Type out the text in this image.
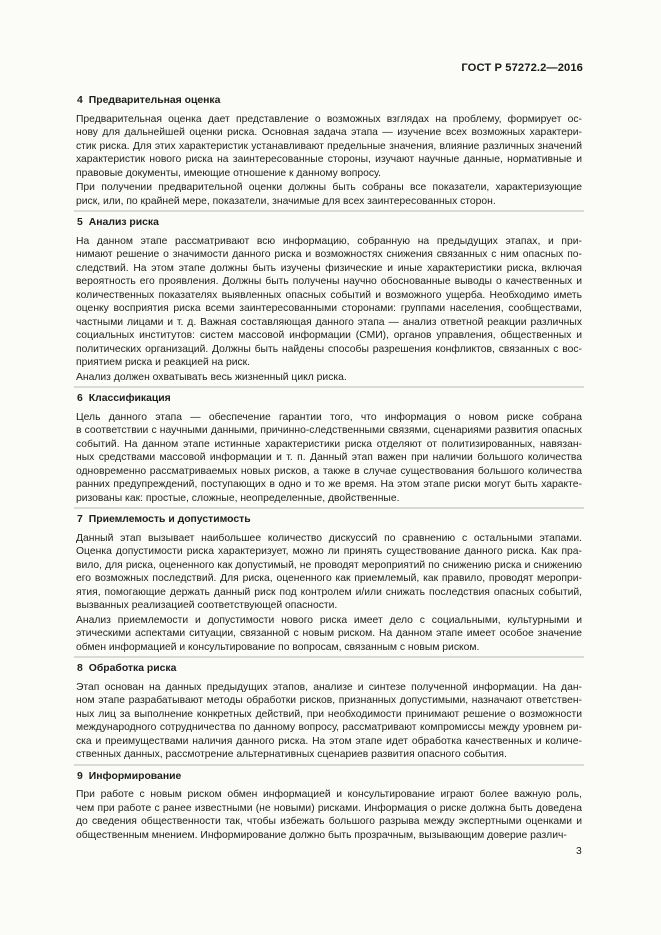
ГОСТ Р 57272.2—2016
4 Предварительная оценка
Предварительная оценка дает представление о возможных взглядах на проблему, формирует ос-
нову для дальнейшей оценки риска. Основная задача этапа — изучение всех возможных характери-
стик риска. Для этих характеристик устанавливают предельные значения, влияние различных значений
характеристик нового риска на заинтересованные стороны, изучают научные данные, нормативные и
правовые документы, имеющие отношение к данному вопросу.
При получении предварительной оценки должны быть собраны все показатели, характеризующие
риск, или, по крайней мере, показатели, значимые для всех заинтересованных сторон.
5 Анализ риска
На данном этапе рассматривают всю информацию, собранную на предыдущих этапах, и при-
нимают решение о значимости данного риска и возможностях снижения связанных с ним опасных по-
следствий. На этом этапе должны быть изучены физические и иные характеристики риска, включая
вероятность его проявления. Должны быть получены научно обоснованные выводы о качественных и
количественных показателях выявленных опасных событий и возможного ущерба. Необходимо иметь
оценку восприятия риска всеми заинтересованными сторонами: группами населения, сообществами,
частными лицами и т. д. Важная составляющая данного этапа — анализ ответной реакции различных
социальных институтов: систем массовой информации (СМИ), органов управления, общественных и
политических организаций. Должны быть найдены способы разрешения конфликтов, связанных с вос-
приятием риска и реакцией на риск.
Анализ должен охватывать весь жизненный цикл риска.
6 Классификация
Цель данного этапа — обеспечение гарантии того, что информация о новом риске собрана
в соответствии с научными данными, причинно-следственными связями, сценариями развития опасных
событий. На данном этапе истинные характеристики риска отделяют от политизированных, навязан-
ных средствами массовой информации и т. п. Данный этап важен при наличии большого количества
одновременно рассматриваемых новых рисков, а также в случае существования большого количества
ранних предупреждений, поступающих в одно и то же время. На этом этапе риски могут быть характе-
ризованы как: простые, сложные, неопределенные, двойственные.
7 Приемлемость и допустимость
Данный этап вызывает наибольшее количество дискуссий по сравнению с остальными этапами.
Оценка допустимости риска характеризует, можно ли принять существование данного риска. Как пра-
вило, для риска, оцененного как допустимый, не проводят мероприятий по снижению риска и снижению
его возможных последствий. Для риска, оцененного как приемлемый, как правило, проводят меропри-
ятия, помогающие держать данный риск под контролем и/или снижать последствия опасных событий,
вызванных реализацией соответствующей опасности.
Анализ приемлемости и допустимости нового риска имеет дело с социальными, культурными и
этическими аспектами ситуации, связанной с новым риском. На данном этапе имеет особое значение
обмен информацией и консультирование по вопросам, связанным с новым риском.
8 Обработка риска
Этап основан на данных предыдущих этапов, анализе и синтезе полученной информации. На дан-
ном этапе разрабатывают методы обработки рисков, признанных допустимыми, назначают ответствен-
ных лиц за выполнение конкретных действий, при необходимости принимают решение о возможности
международного сотрудничества по данному вопросу, рассматривают компромиссы между уровнем ри-
ска и преимуществами наличия данного риска. На этом этапе идет обработка качественных и количе-
ственных данных, рассмотрение альтернативных сценариев развития опасного события.
9 Информирование
При работе с новым риском обмен информацией и консультирование играют более важную роль,
чем при работе с ранее известными (не новыми) рисками. Информация о риске должна быть доведена
до сведения общественности так, чтобы избежать большого разрыва между экспертными оценками и
общественным мнением. Информирование должно быть прозрачным, вызывающим доверие различ-
3
